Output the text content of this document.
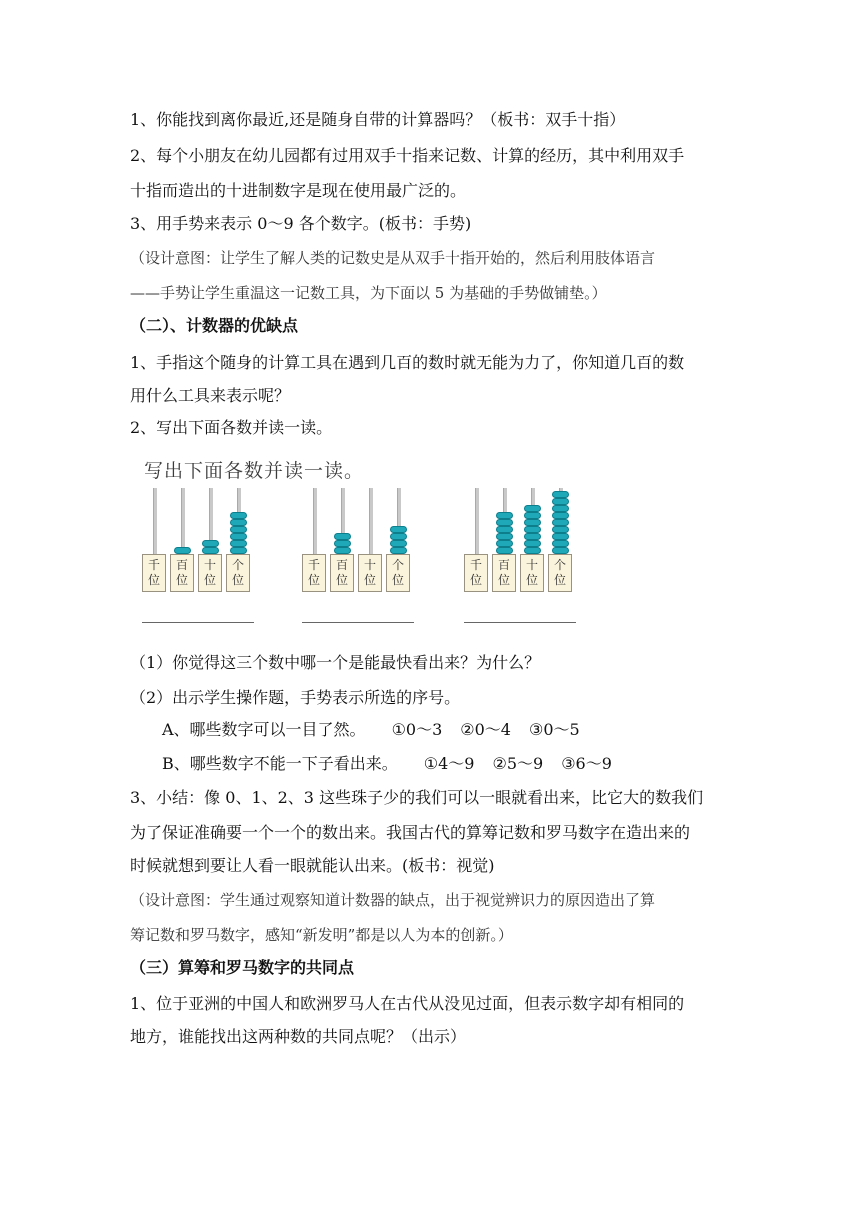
1、你能找到离你最近,还是随身自带的计算器吗？（板书：双手十指）
2、每个小朋友在幼儿园都有过用双手十指来记数、计算的经历，其中利用双手
十指而造出的十进制数字是现在使用最广泛的。
3、用手势来表示 0～9 各个数字。(板书：手势)
（设计意图：让学生了解人类的记数史是从双手十指开始的，然后利用肢体语言
——手势让学生重温这一记数工具，为下面以 5 为基础的手势做铺垫。）
（二）、计数器的优缺点
1、手指这个随身的计算工具在遇到几百的数时就无能为力了，你知道几百的数
用什么工具来表示呢？
2、写出下面各数并读一读。
写出下面各数并读一读。
千
位
百
位
十
位
个
位
千
位
百
位
十
位
个
位
千
位
百
位
十
位
个
位
（1）你觉得这三个数中哪一个是能最快看出来？为什么？
（2）出示学生操作题，手势表示所选的序号。
A、哪些数字可以一目了然。 ①0～3 ②0～4 ③0～5
B、哪些数字不能一下子看出来。 ①4～9 ②5～9 ③6～9
3、小结：像 0、1、2、3 这些珠子少的我们可以一眼就看出来，比它大的数我们
为了保证准确要一个一个的数出来。我国古代的算筹记数和罗马数字在造出来的
时候就想到要让人看一眼就能认出来。(板书：视觉)
（设计意图：学生通过观察知道计数器的缺点，出于视觉辨识力的原因造出了算
筹记数和罗马数字，感知“新发明”都是以人为本的创新。）
（三）算筹和罗马数字的共同点
1、位于亚洲的中国人和欧洲罗马人在古代从没见过面，但表示数字却有相同的
地方，谁能找出这两种数的共同点呢？（出示）
